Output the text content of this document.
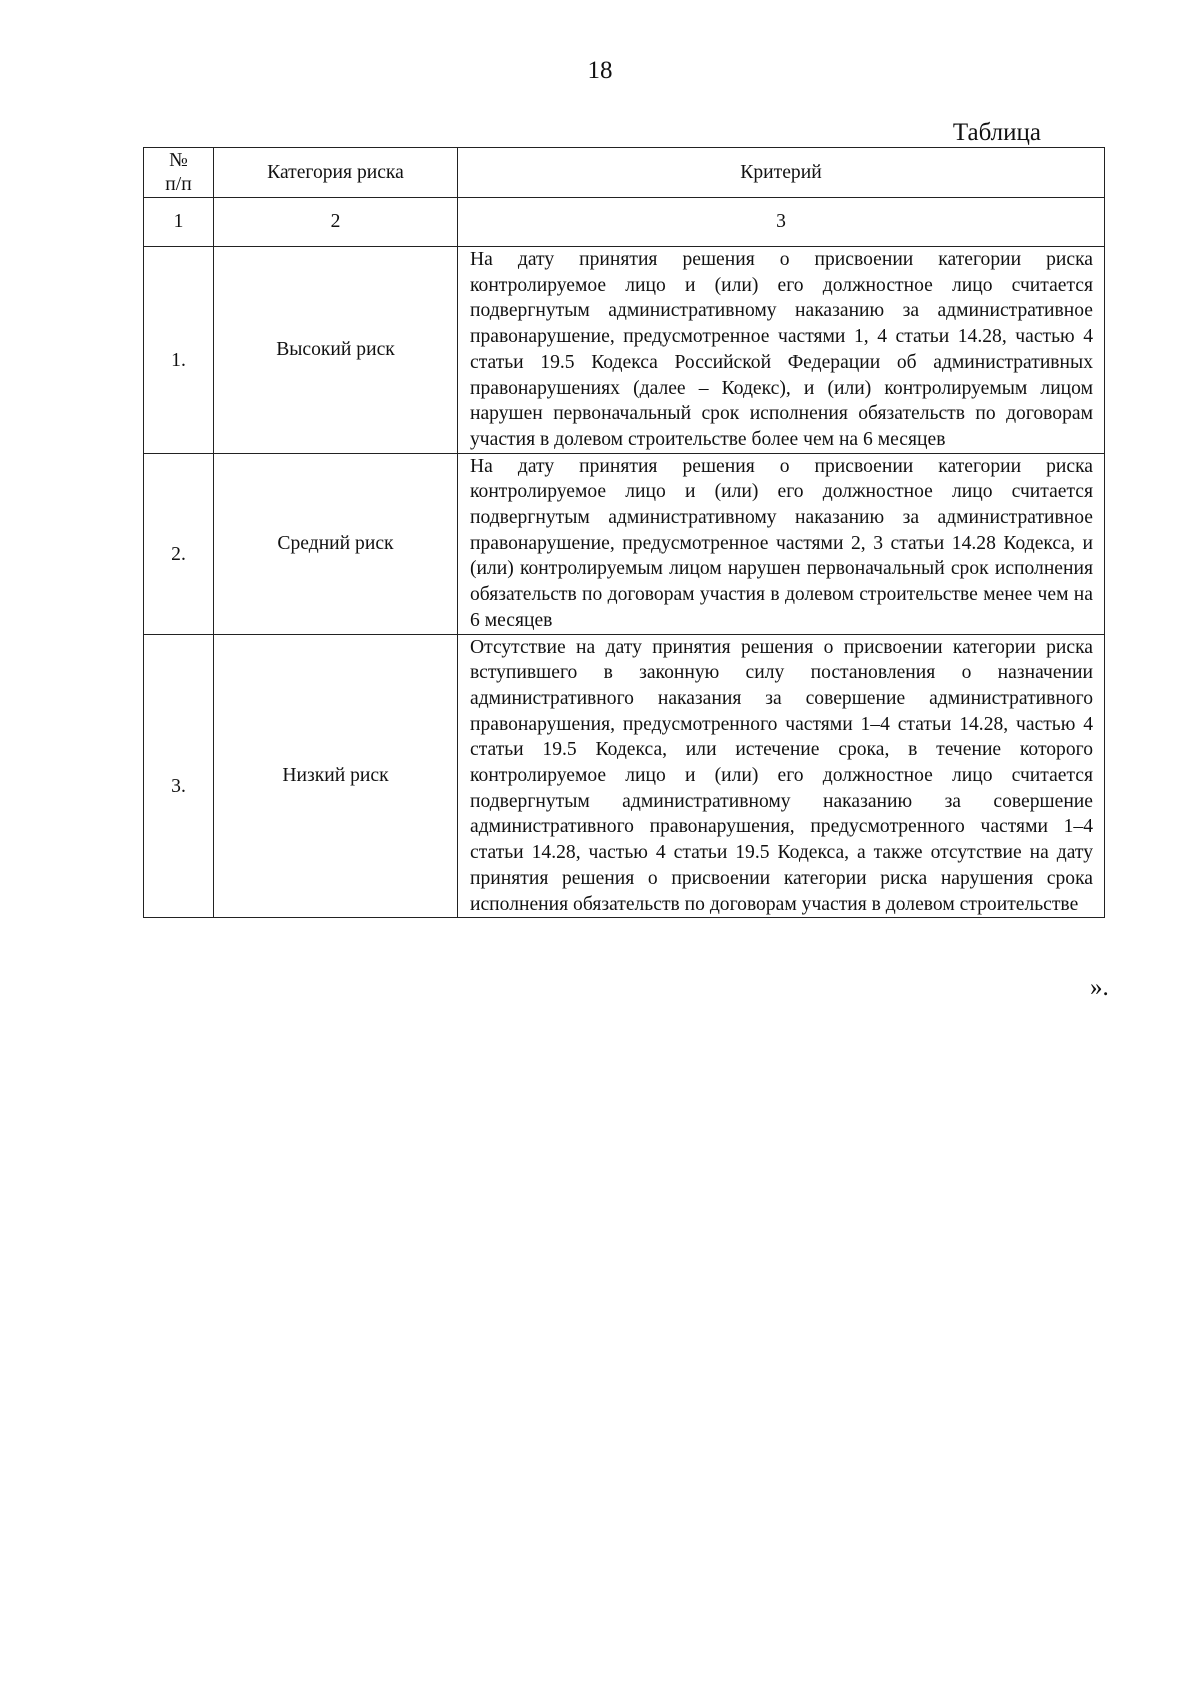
18
Таблица
№
п/п	Категория риска	Критерий
1	2	3
1.	Высокий риск	На дату принятия решения о присвоении категории риска контролируемое лицо и (или) его должностное лицо считается подвергнутым административному наказанию за административное правонарушение, предусмотренное частями 1, 4 статьи 14.28, частью 4 статьи 19.5 Кодекса Российской Федерации об административных правонарушениях (далее – Кодекс), и (или) контролируемым лицом нарушен первоначальный срок исполнения обязательств по договорам участия в долевом строительстве более чем на 6 месяцев
2.	Средний риск	На дату принятия решения о присвоении категории риска контролируемое лицо и (или) его должностное лицо считается подвергнутым административному наказанию за административное правонарушение, предусмотренное частями 2, 3 статьи 14.28 Кодекса, и (или) контролируемым лицом нарушен первоначальный срок исполнения обязательств по договорам участия в долевом строительстве менее чем на 6 месяцев
3.	Низкий риск	Отсутствие на дату принятия решения о присвоении категории риска вступившего в законную силу постановления о назначении административного наказания за совершение административного правонарушения, предусмотренного частями 1–4 статьи 14.28, частью 4 статьи 19.5 Кодекса, или истечение срока, в течение которого контролируемое лицо и (или) его должностное лицо считается подвергнутым административному наказанию за совершение административного правонарушения, предусмотренного частями 1–4 статьи 14.28, частью 4 статьи 19.5 Кодекса, а также отсутствие на дату принятия решения о присвоении категории риска нарушения срока исполнения обязательств по договорам участия в долевом строительстве
».
